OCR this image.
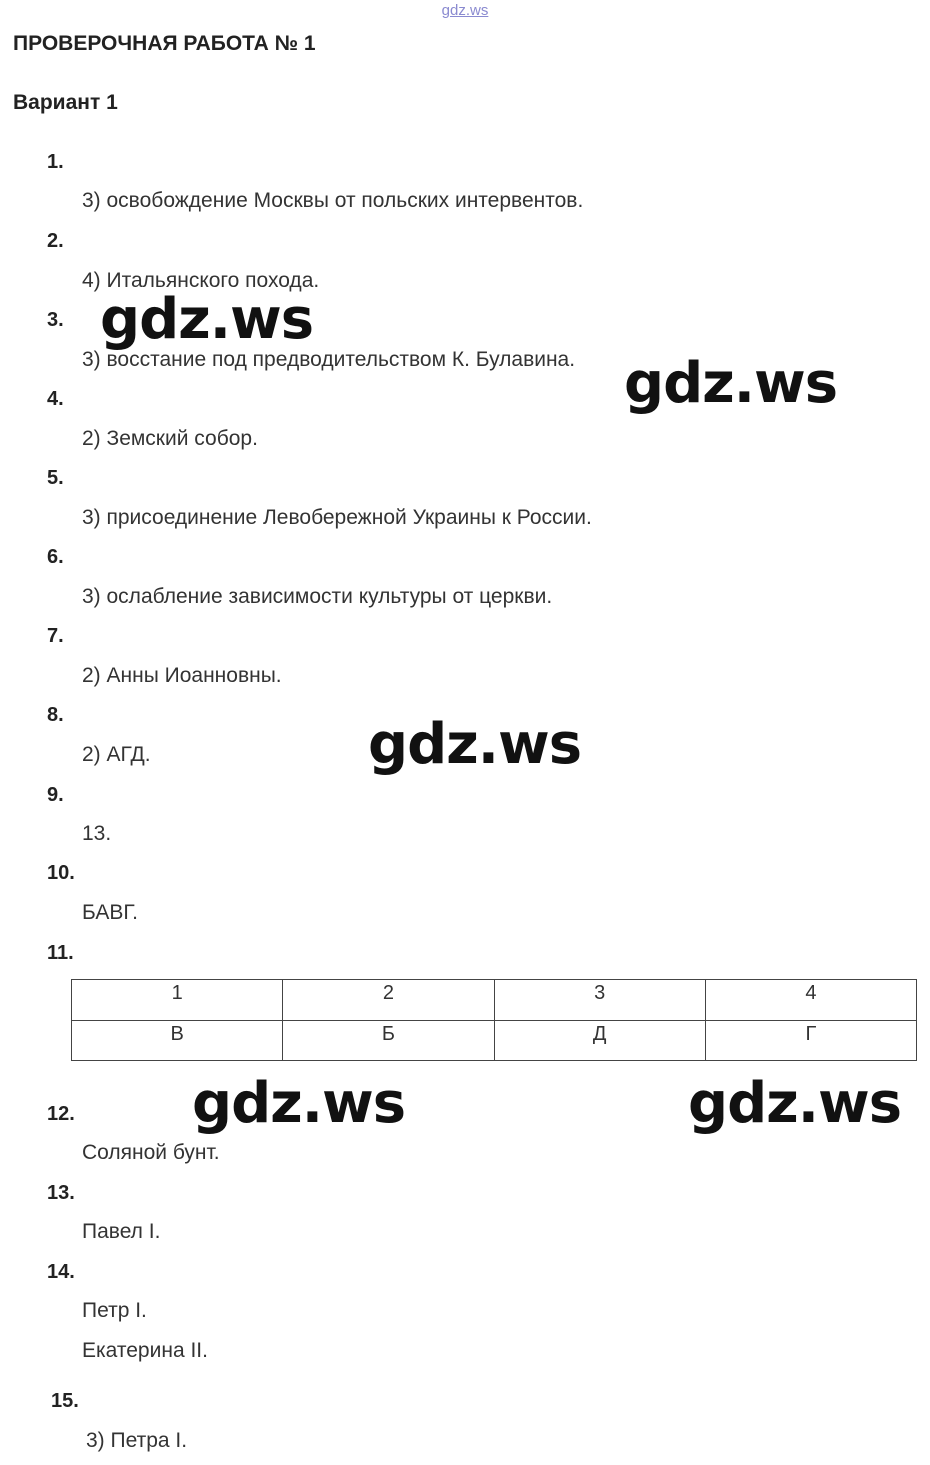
gdz.ws
ПРОВЕРОЧНАЯ РАБОТА № 1
Вариант 1
1.
3) освобождение Москвы от польских интервентов.
2.
4) Итальянского похода.
3.
3) восстание под предводительством К. Булавина.
4.
2) Земский собор.
5.
3) присоединение Левобережной Украины к России.
6.
3) ослабление зависимости культуры от церкви.
7.
2) Анны Иоанновны.
8.
2) АГД.
9.
13.
10.
БАВГ.
11.
1	2	3	4
В	Б	Д	Г
12.
Соляной бунт.
13.
Павел I.
14.
Петр I.
Екатерина II.
15.
3) Петра I.
gdz.ws
gdz.ws
gdz.ws
gdz.ws	gdz.ws
